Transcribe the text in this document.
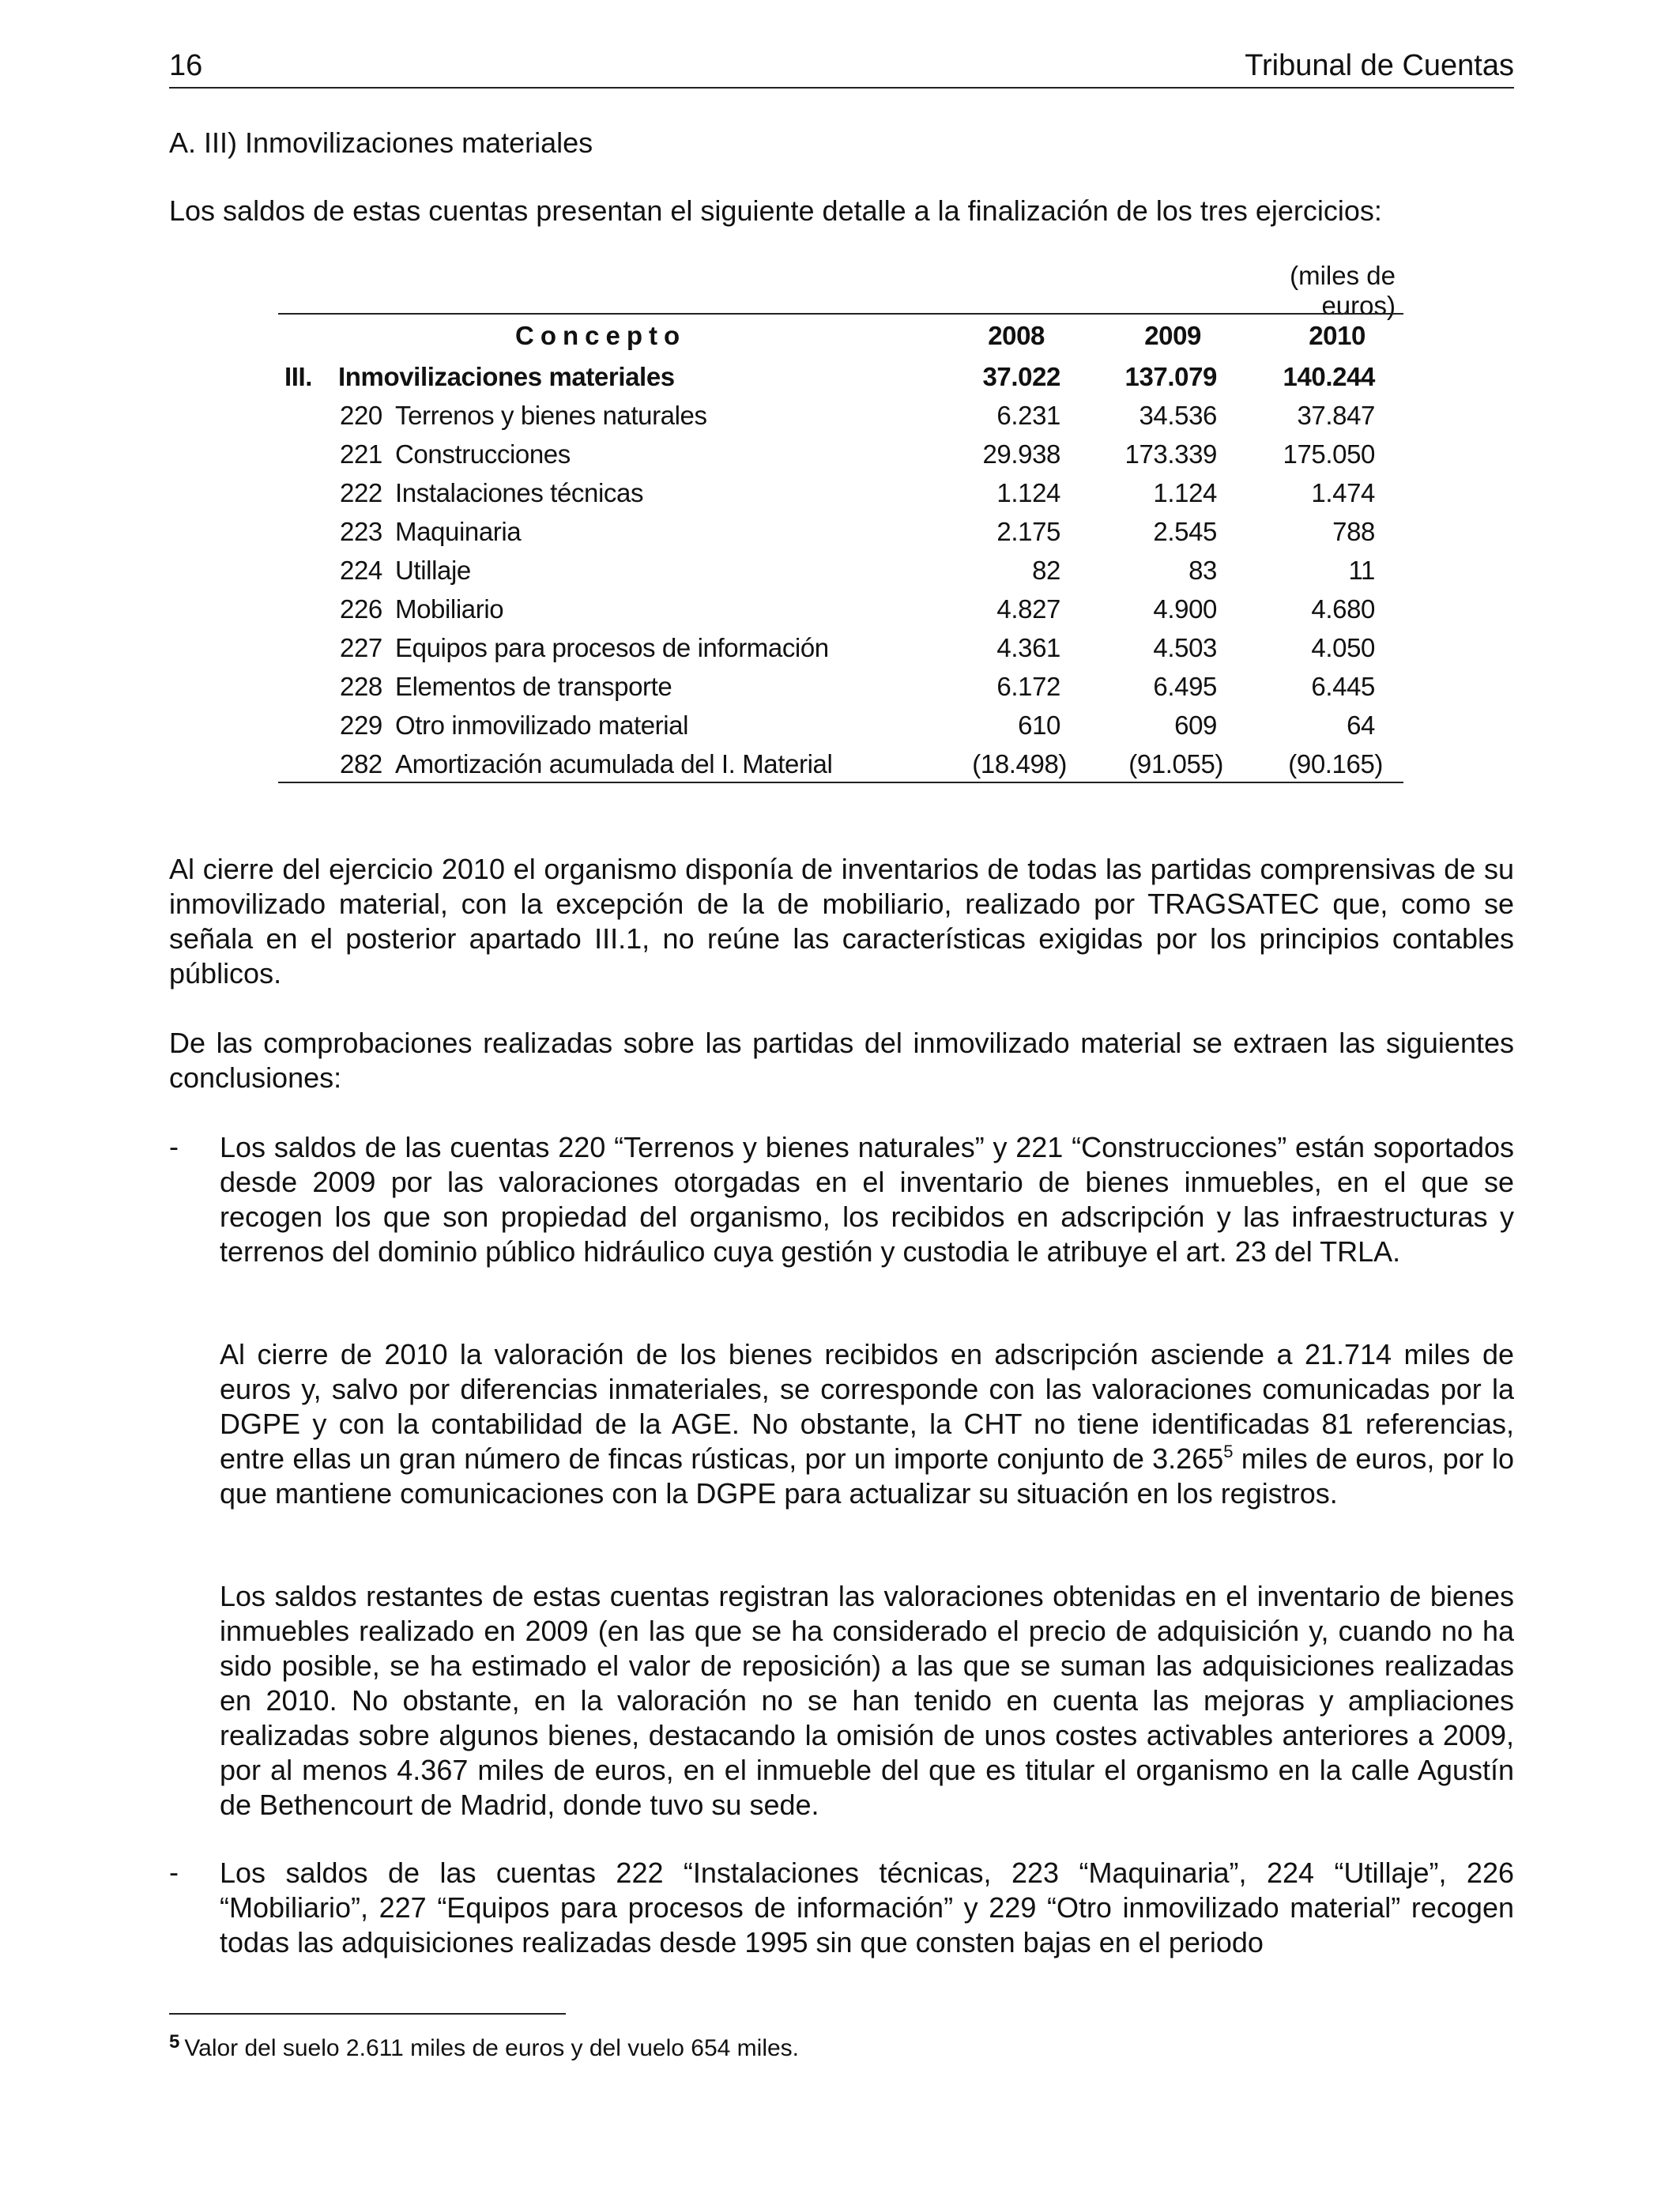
16	Tribunal de Cuentas
A. III) Inmovilizaciones materiales
Los saldos de estas cuentas presentan el siguiente detalle a la finalización de los tres ejercicios:
(miles de euros)
Concepto	2008	2009	2010
III. Inmovilizaciones materiales	37.022 137.079	140.244
220 Terrenos y bienes naturales	6.231	34.536	37.847
221 Construcciones	29.938 173.339	175.050
222 Instalaciones técnicas	1.124	1.124	1.474
223 Maquinaria	2.175	2.545	788
224 Utillaje	82	83	11
226 Mobiliario	4.827	4.900	4.680
227 Equipos para procesos de información	4.361	4.503	4.050
228 Elementos de transporte	6.172	6.495	6.445
229 Otro inmovilizado material	610	609	64
282 Amortización acumulada del I. Material	(18.498) (91.055) (90.165)
Al cierre del ejercicio 2010 el organismo disponía de inventarios de todas las partidas comprensivas de su inmovilizado material, con la excepción de la de mobiliario, realizado por TRAGSATEC que, como se señala en el posterior apartado III.1, no reúne las características exigidas por los principios contables públicos.
De las comprobaciones realizadas sobre las partidas del inmovilizado material se extraen las siguientes conclusiones:
- Los saldos de las cuentas 220 “Terrenos y bienes naturales” y 221 “Construcciones” están soportados desde 2009 por las valoraciones otorgadas en el inventario de bienes inmuebles, en el que se recogen los que son propiedad del organismo, los recibidos en adscripción y las infraestructuras y terrenos del dominio público hidráulico cuya gestión y custodia le atribuye el art. 23 del TRLA.
Al cierre de 2010 la valoración de los bienes recibidos en adscripción asciende a 21.714 miles de euros y, salvo por diferencias inmateriales, se corresponde con las valoraciones comunicadas por la DGPE y con la contabilidad de la AGE. No obstante, la CHT no tiene identificadas 81 referencias, entre ellas un gran número de fincas rústicas, por un importe conjunto de 3.265$^5$ miles de euros, por lo que mantiene comunicaciones con la DGPE para actualizar su situación en los registros.
Los saldos restantes de estas cuentas registran las valoraciones obtenidas en el inventario de bienes inmuebles realizado en 2009 (en las que se ha considerado el precio de adquisición y, cuando no ha sido posible, se ha estimado el valor de reposición) a las que se suman las adquisiciones realizadas en 2010. No obstante, en la valoración no se han tenido en cuenta las mejoras y ampliaciones realizadas sobre algunos bienes, destacando la omisión de unos costes activables anteriores a 2009, por al menos 4.367 miles de euros, en el inmueble del que es titular el organismo en la calle Agustín de Bethencourt de Madrid, donde tuvo su sede.
- Los saldos de las cuentas 222 “Instalaciones técnicas, 223 “Maquinaria”, 224 “Utillaje”, 226 “Mobiliario”, 227 “Equipos para procesos de información” y 229 “Otro inmovilizado material” recogen todas las adquisiciones realizadas desde 1995 sin que consten bajas en el periodo
$^5$ Valor del suelo 2.611 miles de euros y del vuelo 654 miles.
